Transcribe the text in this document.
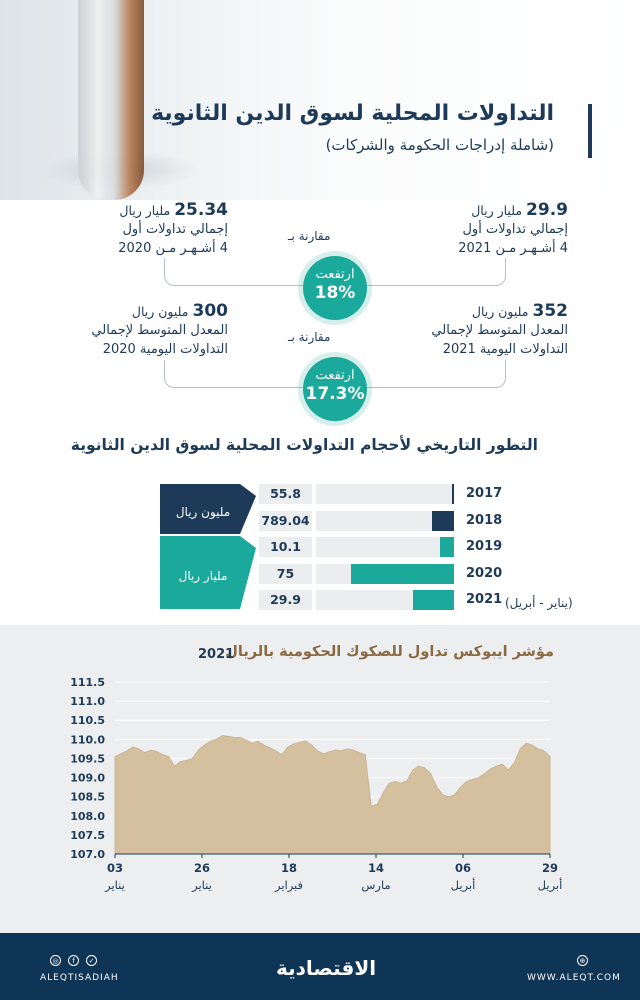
التداولات المحلية لسوق الدين الثانوية
(شاملة إدراجات الحكومة والشركات)
29.9مليار ريال
إجمالي تداولات أول
4 أشـهـر مـن 2021
25.34مليار ريال
إجمالي تداولات أول
4 أشـهـر مـن 2020
مقارنة بـ
ارتفعت
18%
352مليون ريال
المعدل المتوسط لإجمالي
التداولات اليومية 2021
300مليون ريال
المعدل المتوسط لإجمالي
التداولات اليومية 2020
مقارنة بـ
ارتفعت
17.3%
التطور التاريخي لأحجام التداولات المحلية لسوق الدين الثانوية
مليون ريال
مليار ريال
55.8	2017
789.04	2018
10.1	2019
75	2020
29.9	2021 (يناير - أبريل)
مؤشر ايبوكس تداول للصكوك الحكومية بالريال
2021
111.5
111.0
110.5
110.0
109.5
109.0
108.5
108.0
107.5
107.0
03
يناير
26
يناير
18
فبراير
14
مارس
06
أبريل
29
أبريل
الاقتصادية
◎	f	✓
ALEQTISADIAH
⊕
WWW.ALEQT.COM
